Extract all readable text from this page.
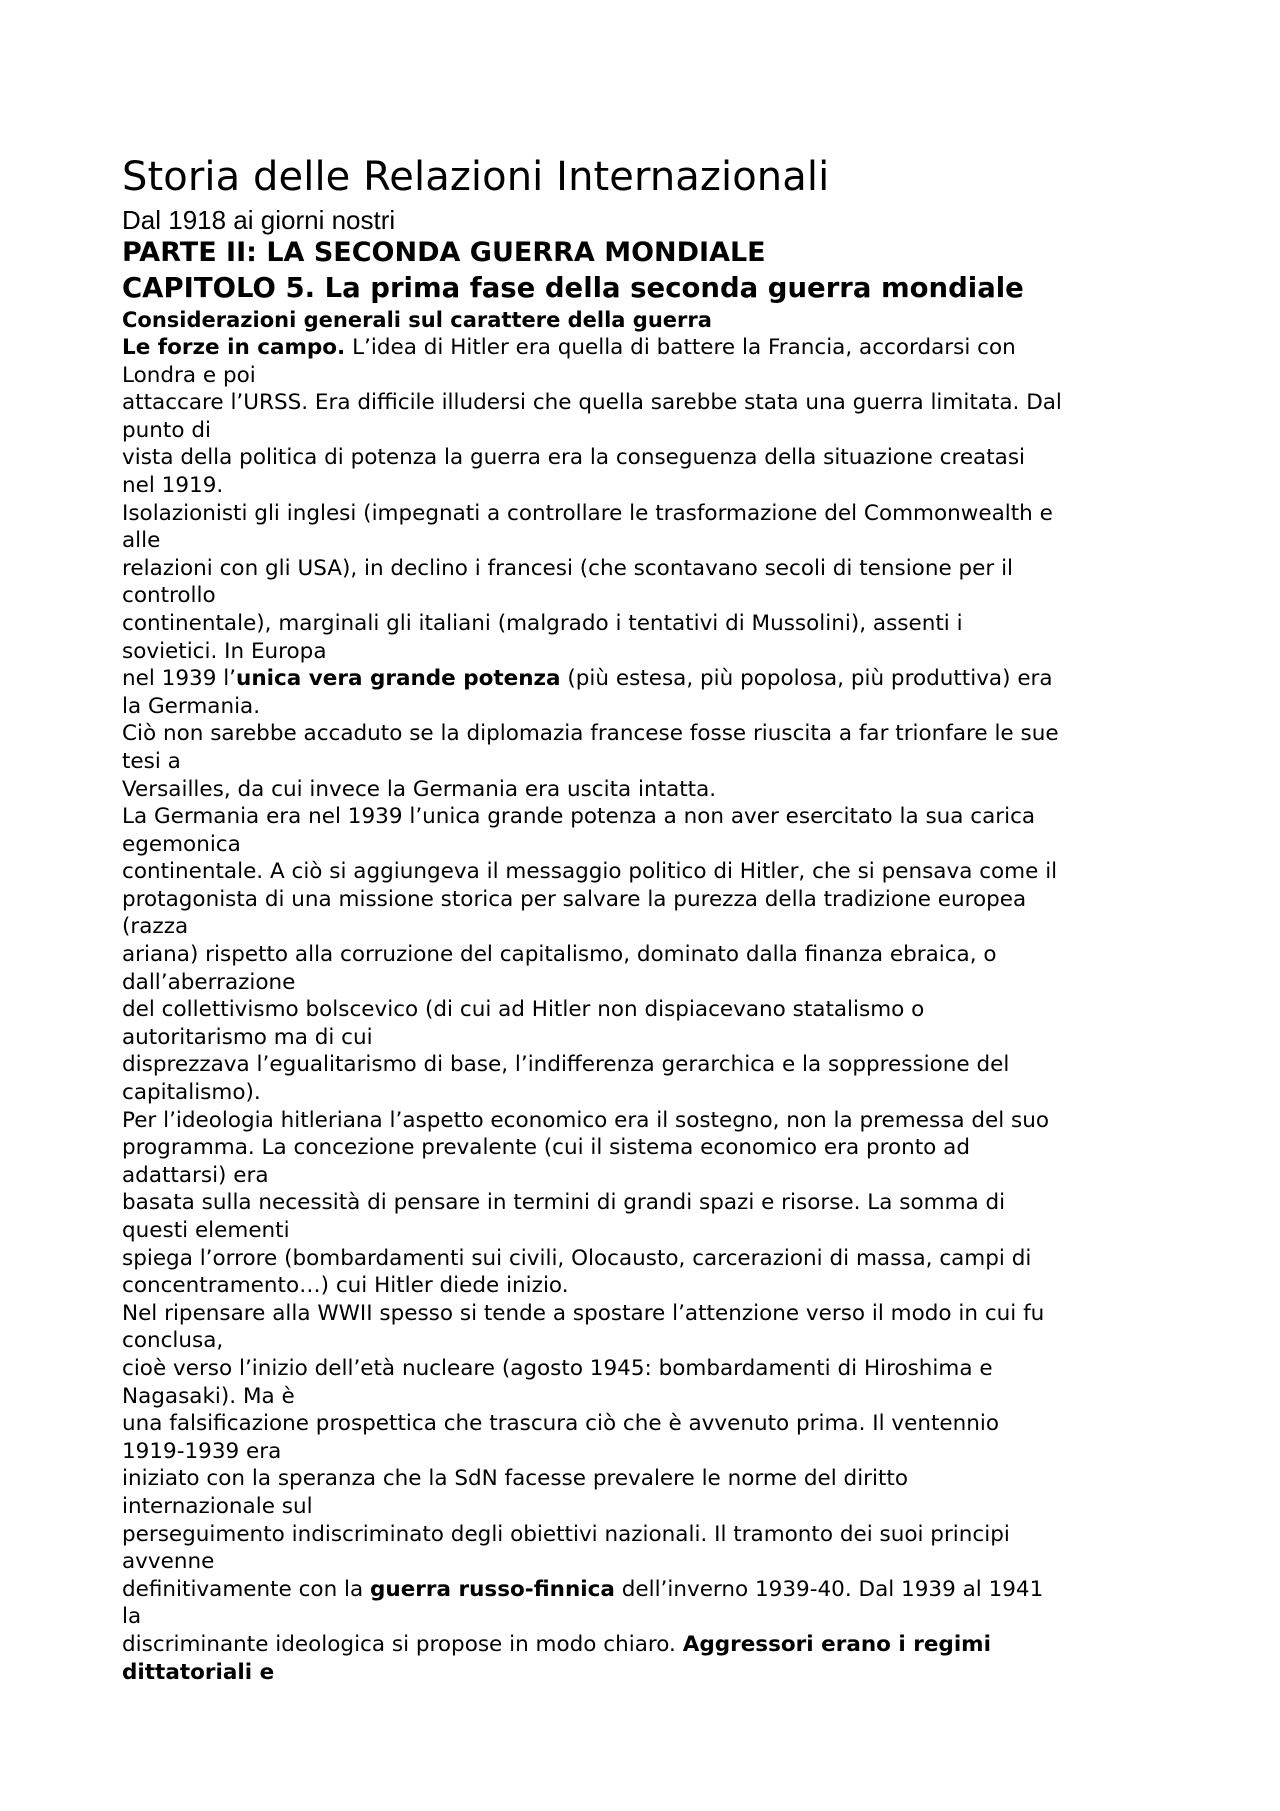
Storia delle Relazioni Internazionali
Dal 1918 ai giorni nostri
PARTE II: LA SECONDA GUERRA MONDIALE
CAPITOLO 5. La prima fase della seconda guerra mondiale
Considerazioni generali sul carattere della guerra
Le forze in campo. L’idea di Hitler era quella di battere la Francia, accordarsi con
Londra e poi
attaccare l’URSS. Era difficile illudersi che quella sarebbe stata una guerra limitata. Dal
punto di
vista della politica di potenza la guerra era la conseguenza della situazione creatasi
nel 1919.
Isolazionisti gli inglesi (impegnati a controllare le trasformazione del Commonwealth e
alle
relazioni con gli USA), in declino i francesi (che scontavano secoli di tensione per il
controllo
continentale), marginali gli italiani (malgrado i tentativi di Mussolini), assenti i
sovietici. In Europa
nel 1939 l’unica vera grande potenza (più estesa, più popolosa, più produttiva) era
la Germania.
Ciò non sarebbe accaduto se la diplomazia francese fosse riuscita a far trionfare le sue
tesi a
Versailles, da cui invece la Germania era uscita intatta.
La Germania era nel 1939 l’unica grande potenza a non aver esercitato la sua carica
egemonica
continentale. A ciò si aggiungeva il messaggio politico di Hitler, che si pensava come il
protagonista di una missione storica per salvare la purezza della tradizione europea
(razza
ariana) rispetto alla corruzione del capitalismo, dominato dalla finanza ebraica, o
dall’aberrazione
del collettivismo bolscevico (di cui ad Hitler non dispiacevano statalismo o
autoritarismo ma di cui
disprezzava l’egualitarismo di base, l’indifferenza gerarchica e la soppressione del
capitalismo).
Per l’ideologia hitleriana l’aspetto economico era il sostegno, non la premessa del suo
programma. La concezione prevalente (cui il sistema economico era pronto ad
adattarsi) era
basata sulla necessità di pensare in termini di grandi spazi e risorse. La somma di
questi elementi
spiega l’orrore (bombardamenti sui civili, Olocausto, carcerazioni di massa, campi di
concentramento…) cui Hitler diede inizio.
Nel ripensare alla WWII spesso si tende a spostare l’attenzione verso il modo in cui fu
conclusa,
cioè verso l’inizio dell’età nucleare (agosto 1945: bombardamenti di Hiroshima e
Nagasaki). Ma è
una falsificazione prospettica che trascura ciò che è avvenuto prima. Il ventennio
1919-1939 era
iniziato con la speranza che la SdN facesse prevalere le norme del diritto
internazionale sul
perseguimento indiscriminato degli obiettivi nazionali. Il tramonto dei suoi principi
avvenne
definitivamente con la guerra russo-finnica dell’inverno 1939-40. Dal 1939 al 1941
la
discriminante ideologica si propose in modo chiaro. Aggressori erano i regimi
dittatoriali e
